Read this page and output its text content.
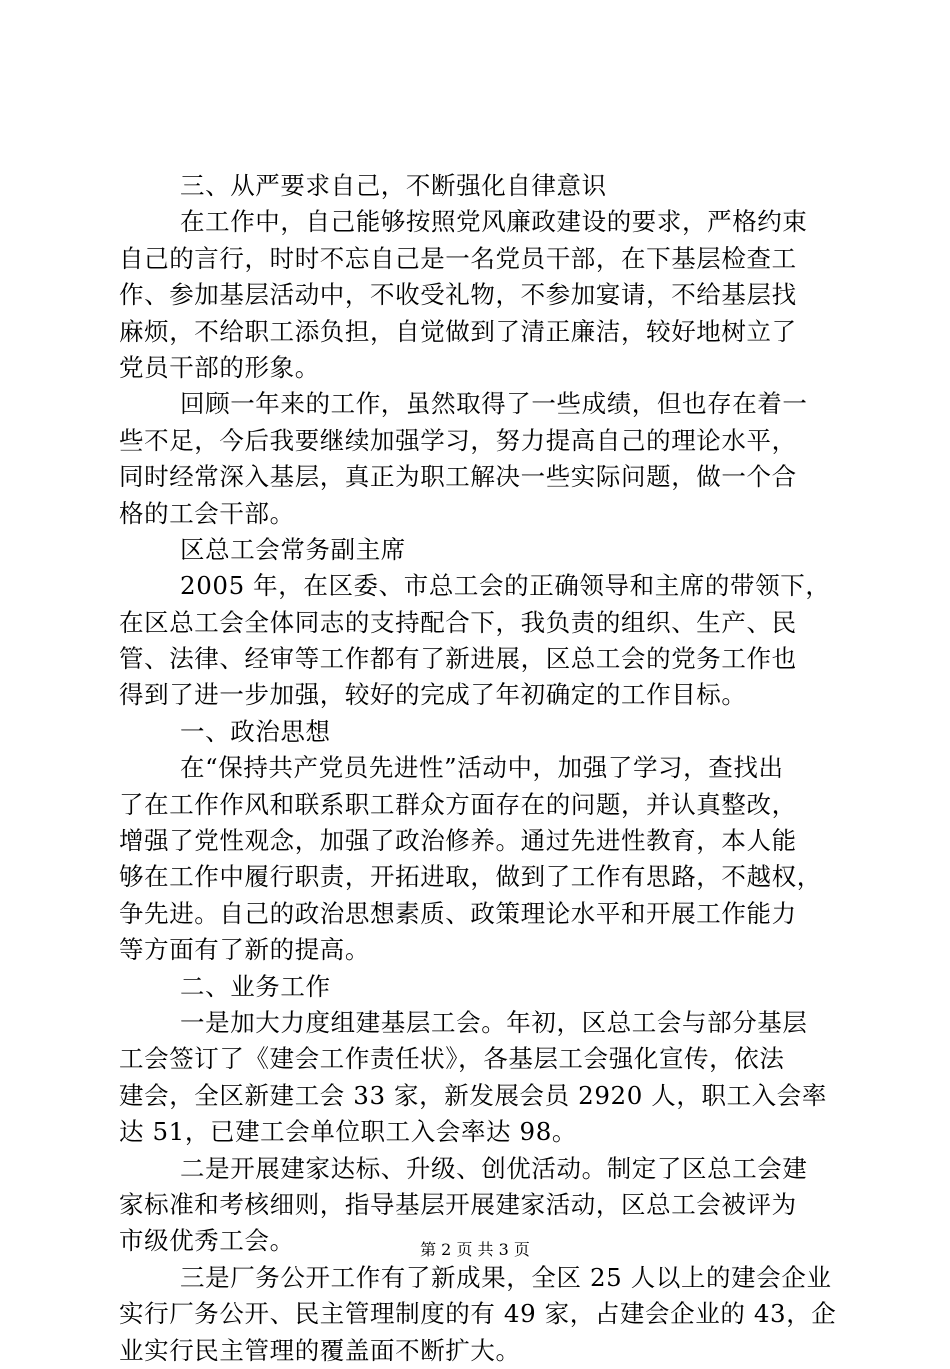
三、从严要求自己，不断强化自律意识
在工作中，自己能够按照党风廉政建设的要求，严格约束
自己的言行，时时不忘自己是一名党员干部，在下基层检查工
作、参加基层活动中，不收受礼物，不参加宴请，不给基层找
麻烦，不给职工添负担，自觉做到了清正廉洁，较好地树立了
党员干部的形象。
回顾一年来的工作，虽然取得了一些成绩，但也存在着一
些不足，今后我要继续加强学习，努力提高自己的理论水平，
同时经常深入基层，真正为职工解决一些实际问题，做一个合
格的工会干部。
区总工会常务副主席
2005 年，在区委、市总工会的正确领导和主席的带领下，
在区总工会全体同志的支持配合下，我负责的组织、生产、民
管、法律、经审等工作都有了新进展，区总工会的党务工作也
得到了进一步加强，较好的完成了年初确定的工作目标。
一、政治思想
在“保持共产党员先进性”活动中，加强了学习，查找出
了在工作作风和联系职工群众方面存在的问题，并认真整改，
增强了党性观念，加强了政治修养。通过先进性教育，本人能
够在工作中履行职责，开拓进取，做到了工作有思路，不越权，
争先进。自己的政治思想素质、政策理论水平和开展工作能力
等方面有了新的提高。
二、业务工作
一是加大力度组建基层工会。年初，区总工会与部分基层
工会签订了《建会工作责任状》，各基层工会强化宣传，依法
建会，全区新建工会 33 家，新发展会员 2920 人，职工入会率
达 51，已建工会单位职工入会率达 98。
二是开展建家达标、升级、创优活动。制定了区总工会建
家标准和考核细则，指导基层开展建家活动，区总工会被评为
市级优秀工会。
三是厂务公开工作有了新成果，全区 25 人以上的建会企业
实行厂务公开、民主管理制度的有 49 家，占建会企业的 43，企
业实行民主管理的覆盖面不断扩大。
第 2 页 共 3 页
